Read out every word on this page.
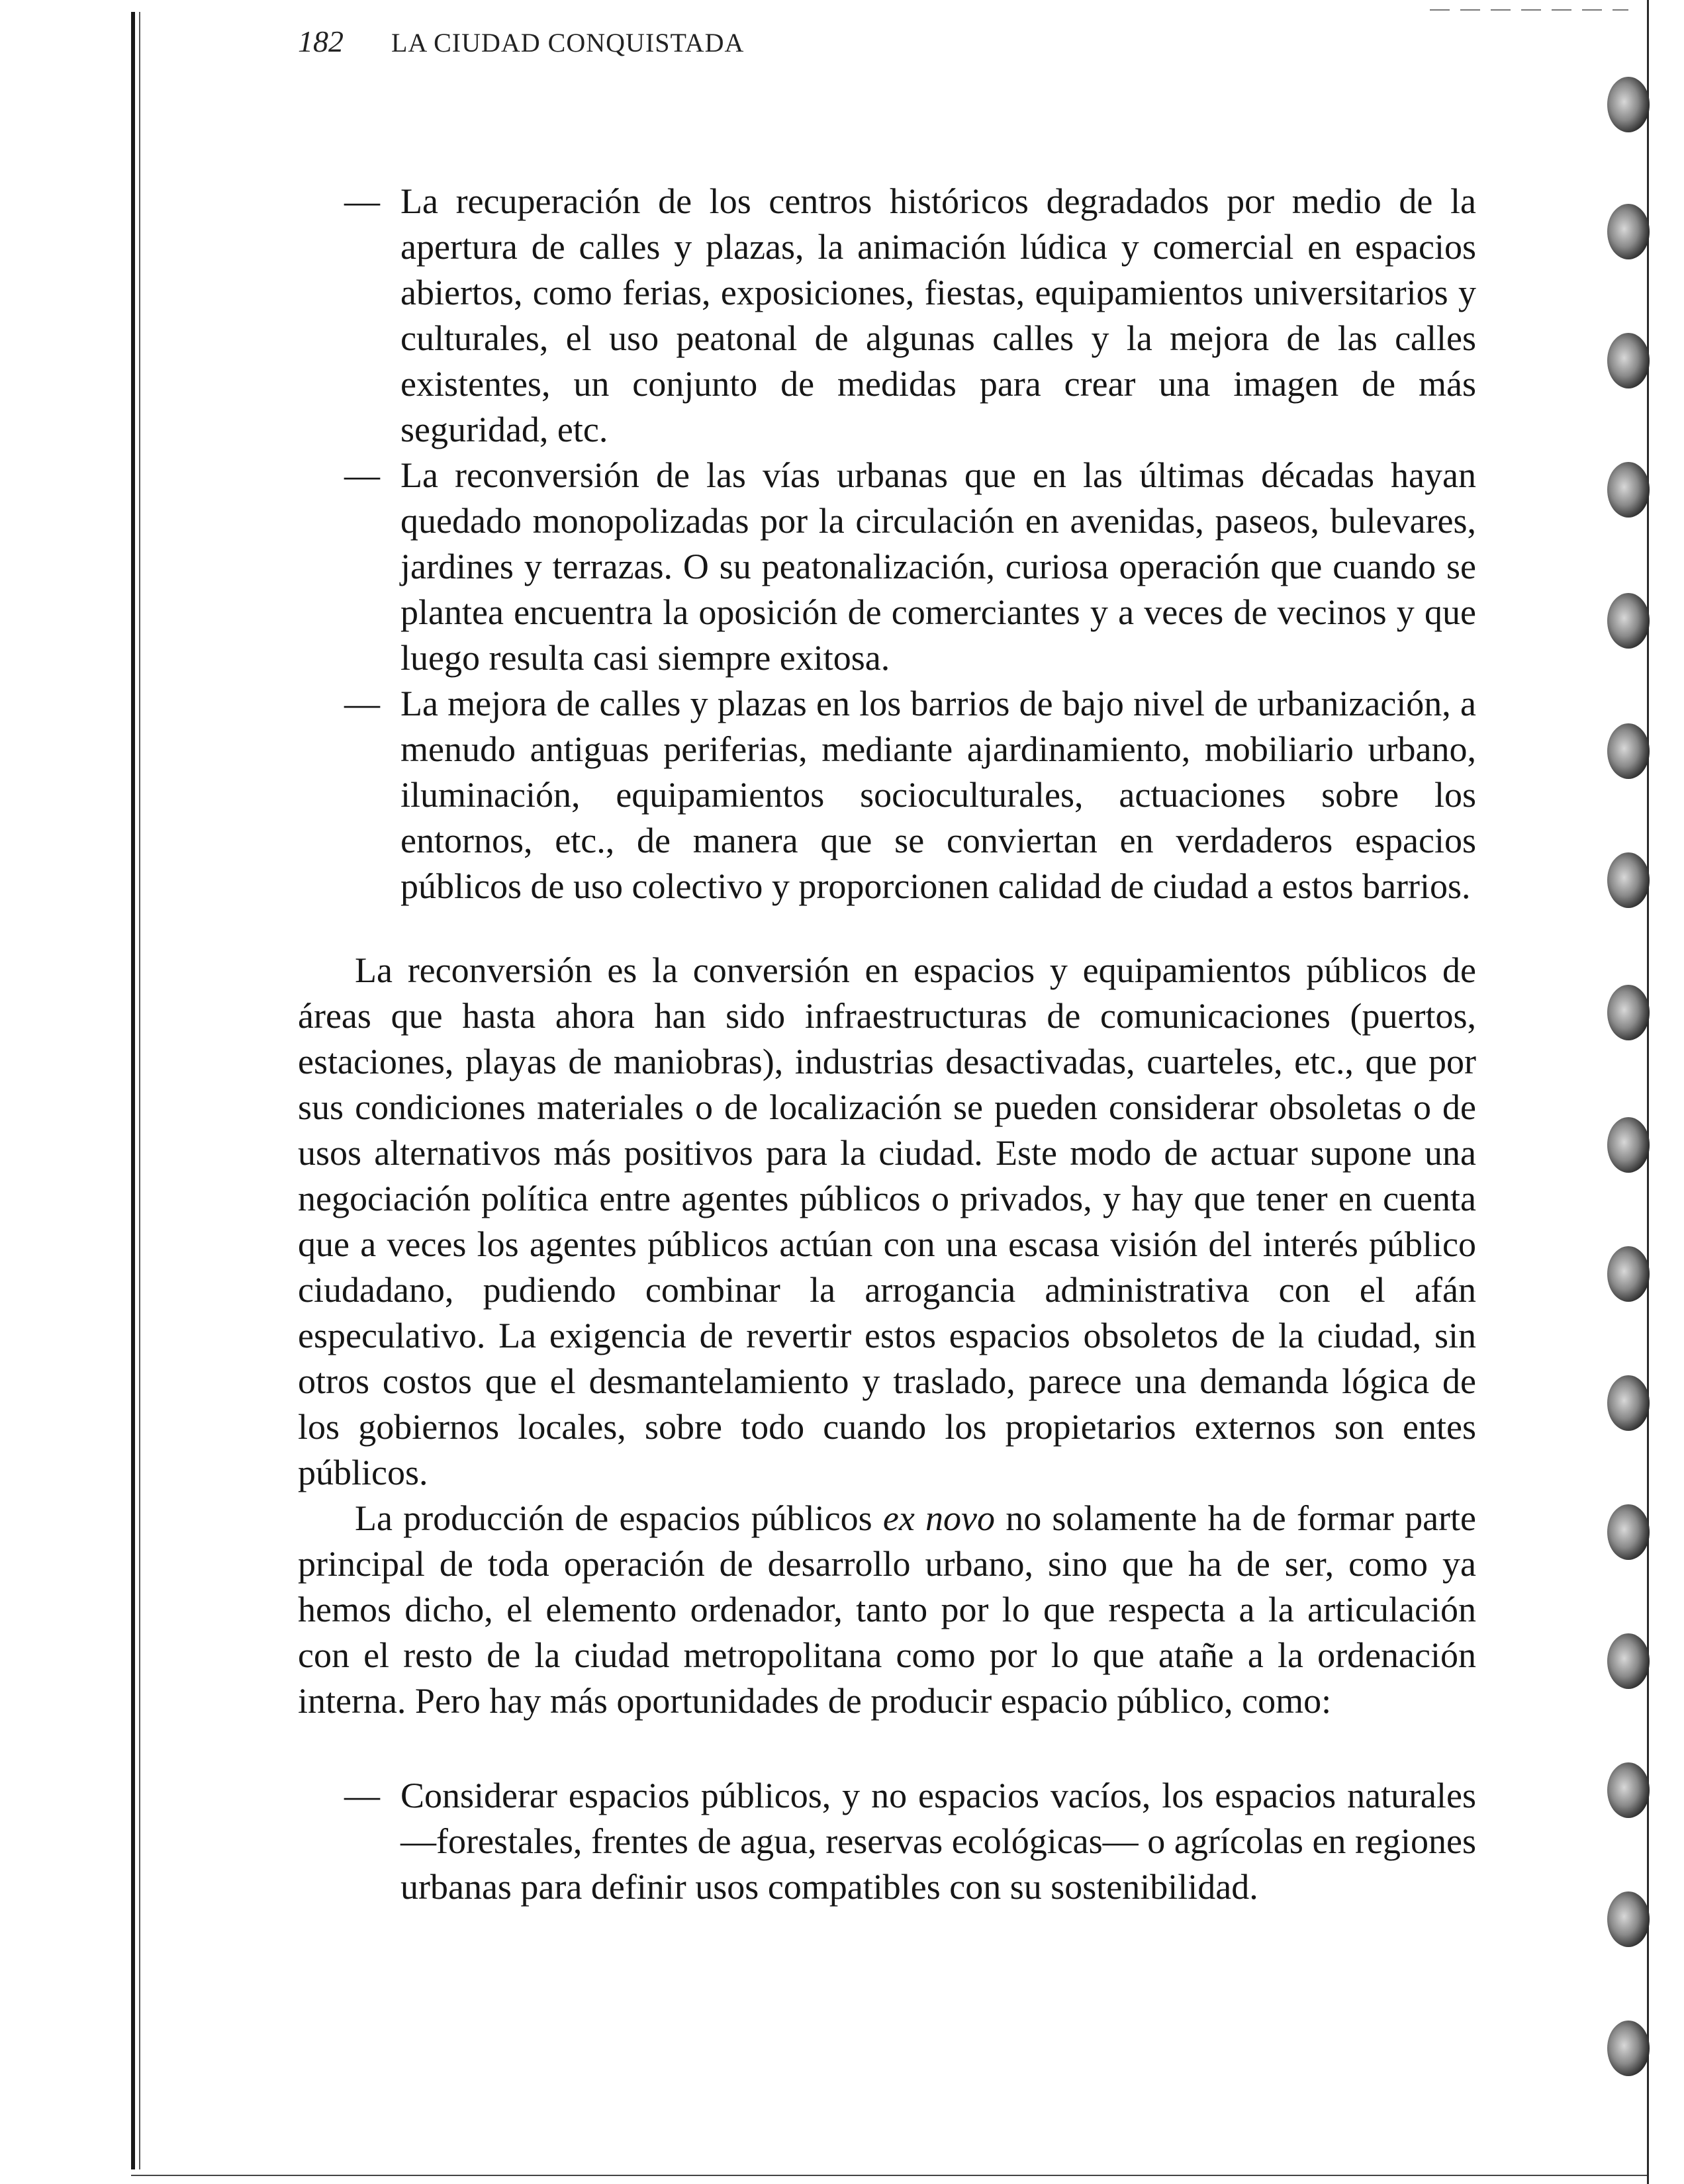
182 LA CIUDAD CONQUISTADA
— La recuperación de los centros históricos degradados por medio de la apertura de calles y plazas, la animación lúdica y comercial en espacios abiertos, como ferias, exposiciones, fiestas, equipamientos universitarios y culturales, el uso peatonal de algunas calles y la mejora de las calles existentes, un conjunto de medidas para crear una imagen de más seguridad, etc.
— La reconversión de las vías urbanas que en las últimas décadas hayan quedado monopolizadas por la circulación en avenidas, paseos, bulevares, jardines y terrazas. O su peatonalización, curiosa operación que cuando se plantea encuentra la oposición de comerciantes y a veces de vecinos y que luego resulta casi siempre exitosa.
— La mejora de calles y plazas en los barrios de bajo nivel de urbanización, a menudo antiguas periferias, mediante ajardinamiento, mobiliario urbano, iluminación, equipamientos socioculturales, actuaciones sobre los entornos, etc., de manera que se conviertan en verdaderos espacios públicos de uso colectivo y proporcionen calidad de ciudad a estos barrios.

La reconversión es la conversión en espacios y equipamientos públicos de áreas que hasta ahora han sido infraestructuras de comunicaciones (puertos, estaciones, playas de maniobras), industrias desactivadas, cuarteles, etc., que por sus condiciones materiales o de localización se pueden considerar obsoletas o de usos alternativos más positivos para la ciudad. Este modo de actuar supone una negociación política entre agentes públicos o privados, y hay que tener en cuenta que a veces los agentes públicos actúan con una escasa visión del interés público ciudadano, pudiendo combinar la arrogancia administrativa con el afán especulativo. La exigencia de revertir estos espacios obsoletos de la ciudad, sin otros costos que el desmantelamiento y traslado, parece una demanda lógica de los gobiernos locales, sobre todo cuando los propietarios externos son entes públicos.

La producción de espacios públicos ex novo no solamente ha de formar parte principal de toda operación de desarrollo urbano, sino que ha de ser, como ya hemos dicho, el elemento ordenador, tanto por lo que respecta a la articulación con el resto de la ciudad metropolitana como por lo que atañe a la ordenación interna. Pero hay más oportunidades de producir espacio público, como:

— Considerar espacios públicos, y no espacios vacíos, los espacios naturales —forestales, frentes de agua, reservas ecológicas— o agrícolas en regiones urbanas para definir usos compatibles con su sostenibilidad.
